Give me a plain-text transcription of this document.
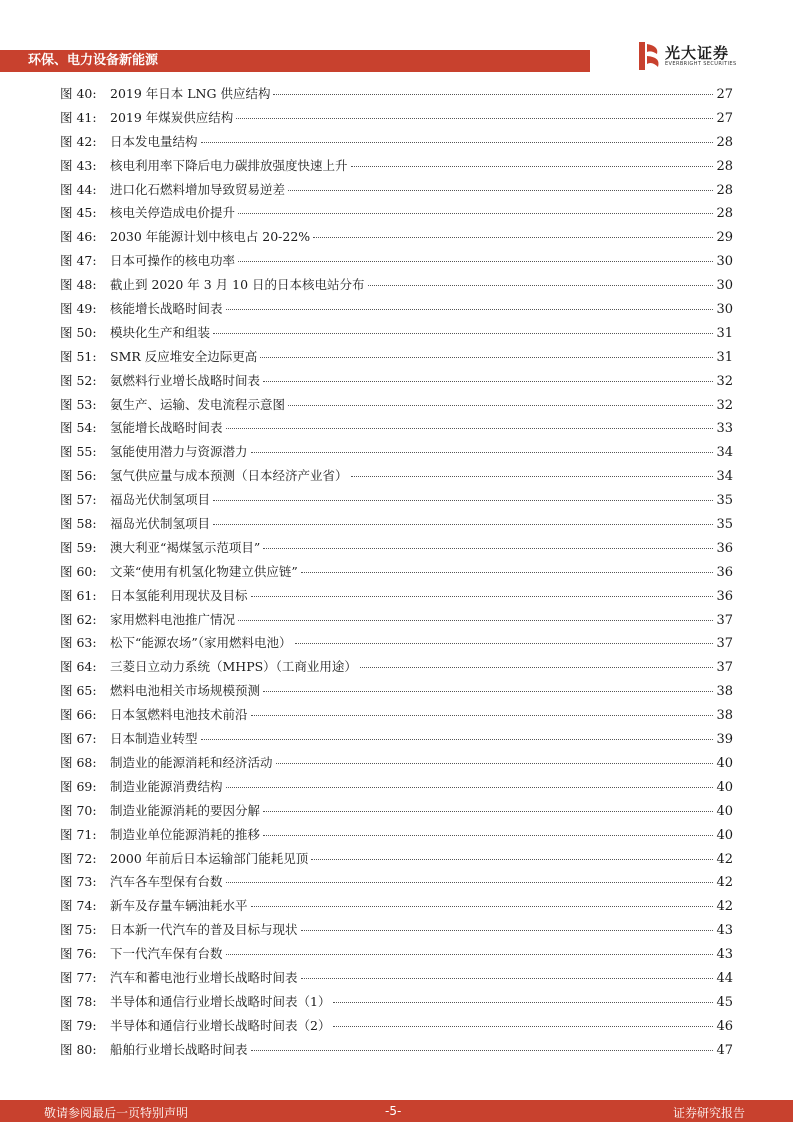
环保、电力设备新能源	光大证券
EVERBRIGHT SECURITIES
图 40:	2019 年日本 LNG 供应结构	27
图 41:	2019 年煤炭供应结构	27
图 42:	日本发电量结构	28
图 43:	核电利用率下降后电力碳排放强度快速上升	28
图 44:	进口化石燃料增加导致贸易逆差	28
图 45:	核电关停造成电价提升	28
图 46:	2030 年能源计划中核电占 20-22%	29
图 47:	日本可操作的核电功率	30
图 48:	截止到 2020 年 3 月 10 日的日本核电站分布	30
图 49:	核能增长战略时间表	30
图 50:	模块化生产和组装	31
图 51:	SMR 反应堆安全边际更高	31
图 52:	氨燃料行业增长战略时间表	32
图 53:	氨生产、运输、发电流程示意图	32
图 54:	氢能增长战略时间表	33
图 55:	氢能使用潜力与资源潜力	34
图 56:	氢气供应量与成本预测（日本经济产业省）	34
图 57:	福岛光伏制氢项目	35
图 58:	福岛光伏制氢项目	35
图 59:	澳大利亚“褐煤氢示范项目”	36
图 60:	文莱“使用有机氢化物建立供应链”	36
图 61:	日本氢能利用现状及目标	36
图 62:	家用燃料电池推广情况	37
图 63:	松下“能源农场”（家用燃料电池）	37
图 64:	三菱日立动力系统（MHPS）（工商业用途）	37
图 65:	燃料电池相关市场规模预测	38
图 66:	日本氢燃料电池技术前沿	38
图 67:	日本制造业转型	39
图 68:	制造业的能源消耗和经济活动	40
图 69:	制造业能源消费结构	40
图 70:	制造业能源消耗的要因分解	40
图 71:	制造业单位能源消耗的推移	40
图 72:	2000 年前后日本运输部门能耗见顶	42
图 73:	汽车各车型保有台数	42
图 74:	新车及存量车辆油耗水平	42
图 75:	日本新一代汽车的普及目标与现状	43
图 76:	下一代汽车保有台数	43
图 77:	汽车和蓄电池行业增长战略时间表	44
图 78:	半导体和通信行业增长战略时间表（1）	45
图 79:	半导体和通信行业增长战略时间表（2）	46
图 80:	船舶行业增长战略时间表	47
敬请参阅最后一页特别声明	-5-	证券研究报告
